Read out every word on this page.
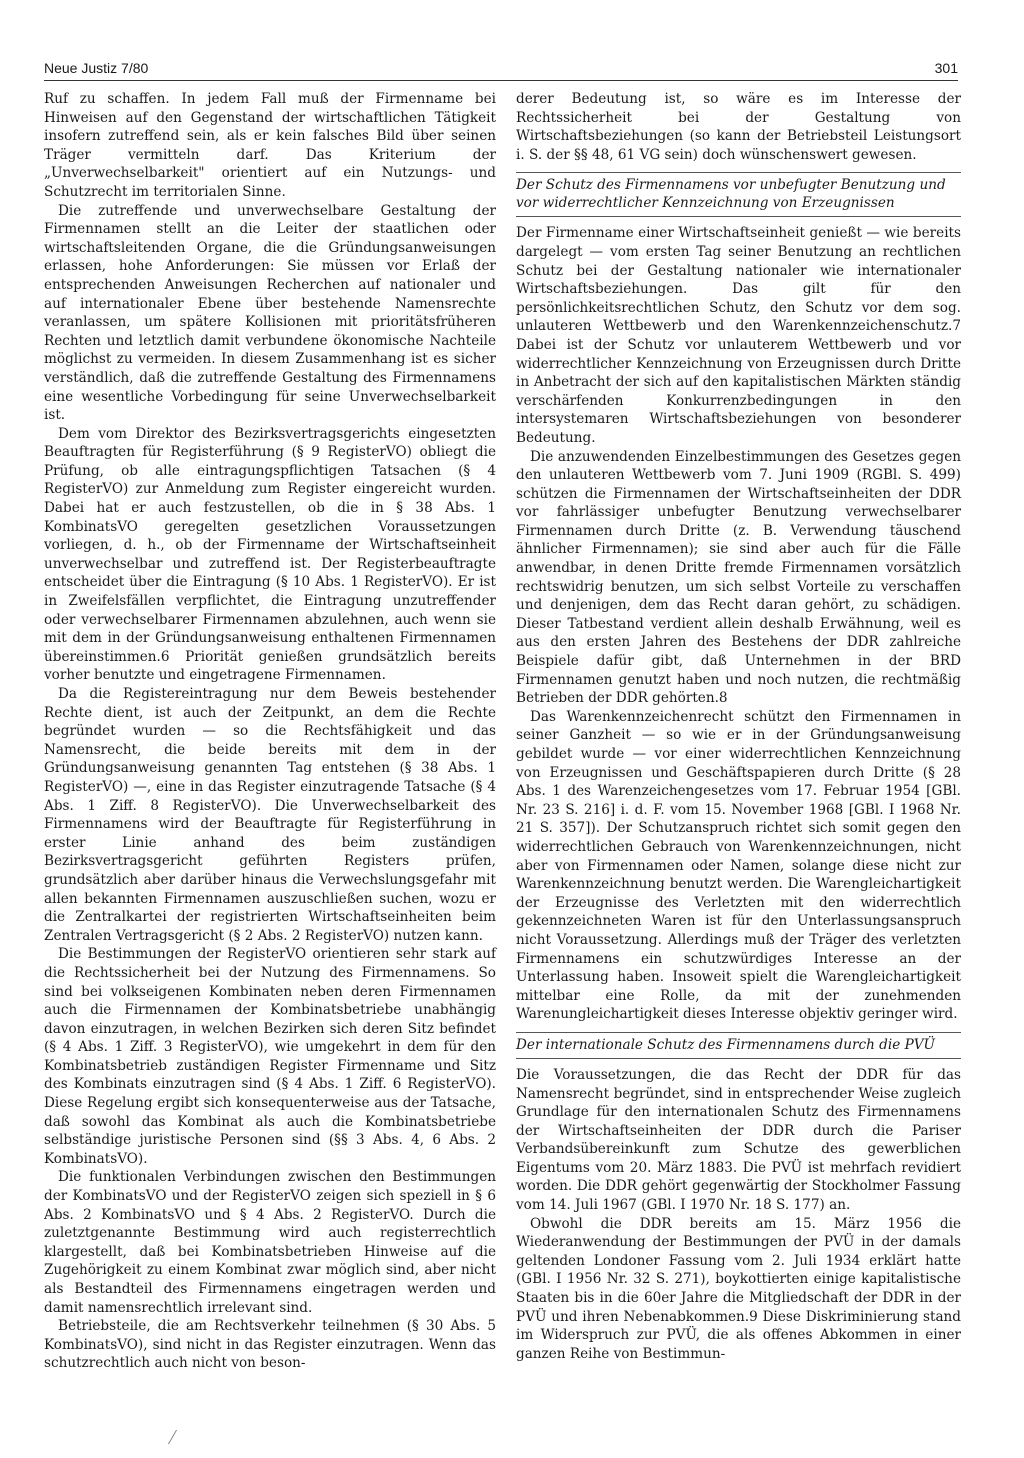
Neue Justiz 7/80	301

Ruf zu schaffen. In jedem Fall muß der Firmenname bei Hinweisen auf den Gegenstand der wirtschaftlichen Tätigkeit insofern zutreffend sein, als er kein falsches Bild über seinen Träger vermitteln darf. Das Kriterium der „Unverwechselbarkeit" orientiert auf ein Nutzungs- und Schutzrecht im territorialen Sinne.

Die zutreffende und unverwechselbare Gestaltung der Firmennamen stellt an die Leiter der staatlichen oder wirtschaftsleitenden Organe, die die Gründungsanweisungen erlassen, hohe Anforderungen: Sie müssen vor Erlaß der entsprechenden Anweisungen Recherchen auf nationaler und auf internationaler Ebene über bestehende Namensrechte veranlassen, um spätere Kollisionen mit prioritätsfrüheren Rechten und letztlich damit verbundene ökonomische Nachteile möglichst zu vermeiden. In diesem Zusammenhang ist es sicher verständlich, daß die zutreffende Gestaltung des Firmennamens eine wesentliche Vorbedingung für seine Unverwechselbarkeit ist.

Dem vom Direktor des Bezirksvertragsgerichts eingesetzten Beauftragten für Registerführung (§ 9 RegisterVO) obliegt die Prüfung, ob alle eintragungspflichtigen Tatsachen (§ 4 RegisterVO) zur Anmeldung zum Register eingereicht wurden. Dabei hat er auch festzustellen, ob die in § 38 Abs. 1 KombinatsVO geregelten gesetzlichen Voraussetzungen vorliegen, d. h., ob der Firmenname der Wirtschaftseinheit unverwechselbar und zutreffend ist. Der Registerbeauftragte entscheidet über die Eintragung (§ 10 Abs. 1 RegisterVO). Er ist in Zweifelsfällen verpflichtet, die Eintragung unzutreffender oder verwechselbarer Firmennamen abzulehnen, auch wenn sie mit dem in der Gründungsanweisung enthaltenen Firmennamen übereinstimmen.6 Priorität genießen grundsätzlich bereits vorher benutzte und eingetragene Firmennamen.

Da die Registereintragung nur dem Beweis bestehender Rechte dient, ist auch der Zeitpunkt, an dem die Rechte begründet wurden — so die Rechtsfähigkeit und das Namensrecht, die beide bereits mit dem in der Gründungsanweisung genannten Tag entstehen (§ 38 Abs. 1 RegisterVO) —, eine in das Register einzutragende Tatsache (§ 4 Abs. 1 Ziff. 8 RegisterVO). Die Unverwechselbarkeit des Firmennamens wird der Beauftragte für Registerführung in erster Linie anhand des beim zuständigen Bezirksvertragsgericht geführten Registers prüfen, grundsätzlich aber darüber hinaus die Verwechslungsgefahr mit allen bekannten Firmennamen auszuschließen suchen, wozu er die Zentralkartei der registrierten Wirtschaftseinheiten beim Zentralen Vertragsgericht (§ 2 Abs. 2 RegisterVO) nutzen kann.

Die Bestimmungen der RegisterVO orientieren sehr stark auf die Rechtssicherheit bei der Nutzung des Firmennamens. So sind bei volkseigenen Kombinaten neben deren Firmennamen auch die Firmennamen der Kombinatsbetriebe unabhängig davon einzutragen, in welchen Bezirken sich deren Sitz befindet (§ 4 Abs. 1 Ziff. 3 RegisterVO), wie umgekehrt in dem für den Kombinatsbetrieb zuständigen Register Firmenname und Sitz des Kombinats einzutragen sind (§ 4 Abs. 1 Ziff. 6 RegisterVO). Diese Regelung ergibt sich konsequenterweise aus der Tatsache, daß sowohl das Kombinat als auch die Kombinatsbetriebe selbständige juristische Personen sind (§§ 3 Abs. 4, 6 Abs. 2 KombinatsVO).

Die funktionalen Verbindungen zwischen den Bestimmungen der KombinatsVO und der RegisterVO zeigen sich speziell in § 6 Abs. 2 KombinatsVO und § 4 Abs. 2 RegisterVO. Durch die zuletztgenannte Bestimmung wird auch registerrechtlich klargestellt, daß bei Kombinatsbetrieben Hinweise auf die Zugehörigkeit zu einem Kombinat zwar möglich sind, aber nicht als Bestandteil des Firmennamens eingetragen werden und damit namensrechtlich irrelevant sind.

Betriebsteile, die am Rechtsverkehr teilnehmen (§ 30 Abs. 5 KombinatsVO), sind nicht in das Register einzutragen. Wenn das schutzrechtlich auch nicht von beson-

derer Bedeutung ist, so wäre es im Interesse der Rechtssicherheit bei der Gestaltung von Wirtschaftsbeziehungen (so kann der Betriebsteil Leistungsort i. S. der §§ 48, 61 VG sein) doch wünschenswert gewesen.

Der Schutz des Firmennamens vor unbefugter Benutzung und vor widerrechtlicher Kennzeichnung von Erzeugnissen

Der Firmenname einer Wirtschaftseinheit genießt — wie bereits dargelegt — vom ersten Tag seiner Benutzung an rechtlichen Schutz bei der Gestaltung nationaler wie internationaler Wirtschaftsbeziehungen. Das gilt für den persönlichkeitsrechtlichen Schutz, den Schutz vor dem sog. unlauteren Wettbewerb und den Warenkennzeichenschutz.7 Dabei ist der Schutz vor unlauterem Wettbewerb und vor widerrechtlicher Kennzeichnung von Erzeugnissen durch Dritte in Anbetracht der sich auf den kapitalistischen Märkten ständig verschärfenden Konkurrenzbedingungen in den intersystemaren Wirtschaftsbeziehungen von besonderer Bedeutung.

Die anzuwendenden Einzelbestimmungen des Gesetzes gegen den unlauteren Wettbewerb vom 7. Juni 1909 (RGBl. S. 499) schützen die Firmennamen der Wirtschaftseinheiten der DDR vor fahrlässiger unbefugter Benutzung verwechselbarer Firmennamen durch Dritte (z. B. Verwendung täuschend ähnlicher Firmennamen); sie sind aber auch für die Fälle anwendbar, in denen Dritte fremde Firmennamen vorsätzlich rechtswidrig benutzen, um sich selbst Vorteile zu verschaffen und denjenigen, dem das Recht daran gehört, zu schädigen. Dieser Tatbestand verdient allein deshalb Erwähnung, weil es aus den ersten Jahren des Bestehens der DDR zahlreiche Beispiele dafür gibt, daß Unternehmen in der BRD Firmennamen genutzt haben und noch nutzen, die rechtmäßig Betrieben der DDR gehörten.8

Das Warenkennzeichenrecht schützt den Firmennamen in seiner Ganzheit — so wie er in der Gründungsanweisung gebildet wurde — vor einer widerrechtlichen Kennzeichnung von Erzeugnissen und Geschäftspapieren durch Dritte (§ 28 Abs. 1 des Warenzeichengesetzes vom 17. Februar 1954 [GBl. Nr. 23 S. 216] i. d. F. vom 15. November 1968 [GBl. I 1968 Nr. 21 S. 357]). Der Schutzanspruch richtet sich somit gegen den widerrechtlichen Gebrauch von Warenkennzeichnungen, nicht aber von Firmennamen oder Namen, solange diese nicht zur Warenkennzeichnung benutzt werden. Die Warengleichartigkeit der Erzeugnisse des Verletzten mit den widerrechtlich gekennzeichneten Waren ist für den Unterlassungsanspruch nicht Voraussetzung. Allerdings muß der Träger des verletzten Firmennamens ein schutzwürdiges Interesse an der Unterlassung haben. Insoweit spielt die Warengleichartigkeit mittelbar eine Rolle, da mit der zunehmenden Warenungleichartigkeit dieses Interesse objektiv geringer wird.

Der internationale Schutz des Firmennamens durch die PVÜ

Die Voraussetzungen, die das Recht der DDR für das Namensrecht begründet, sind in entsprechender Weise zugleich Grundlage für den internationalen Schutz des Firmennamens der Wirtschaftseinheiten der DDR durch die Pariser Verbandsübereinkunft zum Schutze des gewerblichen Eigentums vom 20. März 1883. Die PVÜ ist mehrfach revidiert worden. Die DDR gehört gegenwärtig der Stockholmer Fassung vom 14. Juli 1967 (GBl. I 1970 Nr. 18 S. 177) an.

Obwohl die DDR bereits am 15. März 1956 die Wiederanwendung der Bestimmungen der PVÜ in der damals geltenden Londoner Fassung vom 2. Juli 1934 erklärt hatte (GBl. I 1956 Nr. 32 S. 271), boykottierten einige kapitalistische Staaten bis in die 60er Jahre die Mitgliedschaft der DDR in der PVÜ und ihren Nebenabkommen.9 Diese Diskriminierung stand im Widerspruch zur PVÜ, die als offenes Abkommen in einer ganzen Reihe von Bestimmun-
